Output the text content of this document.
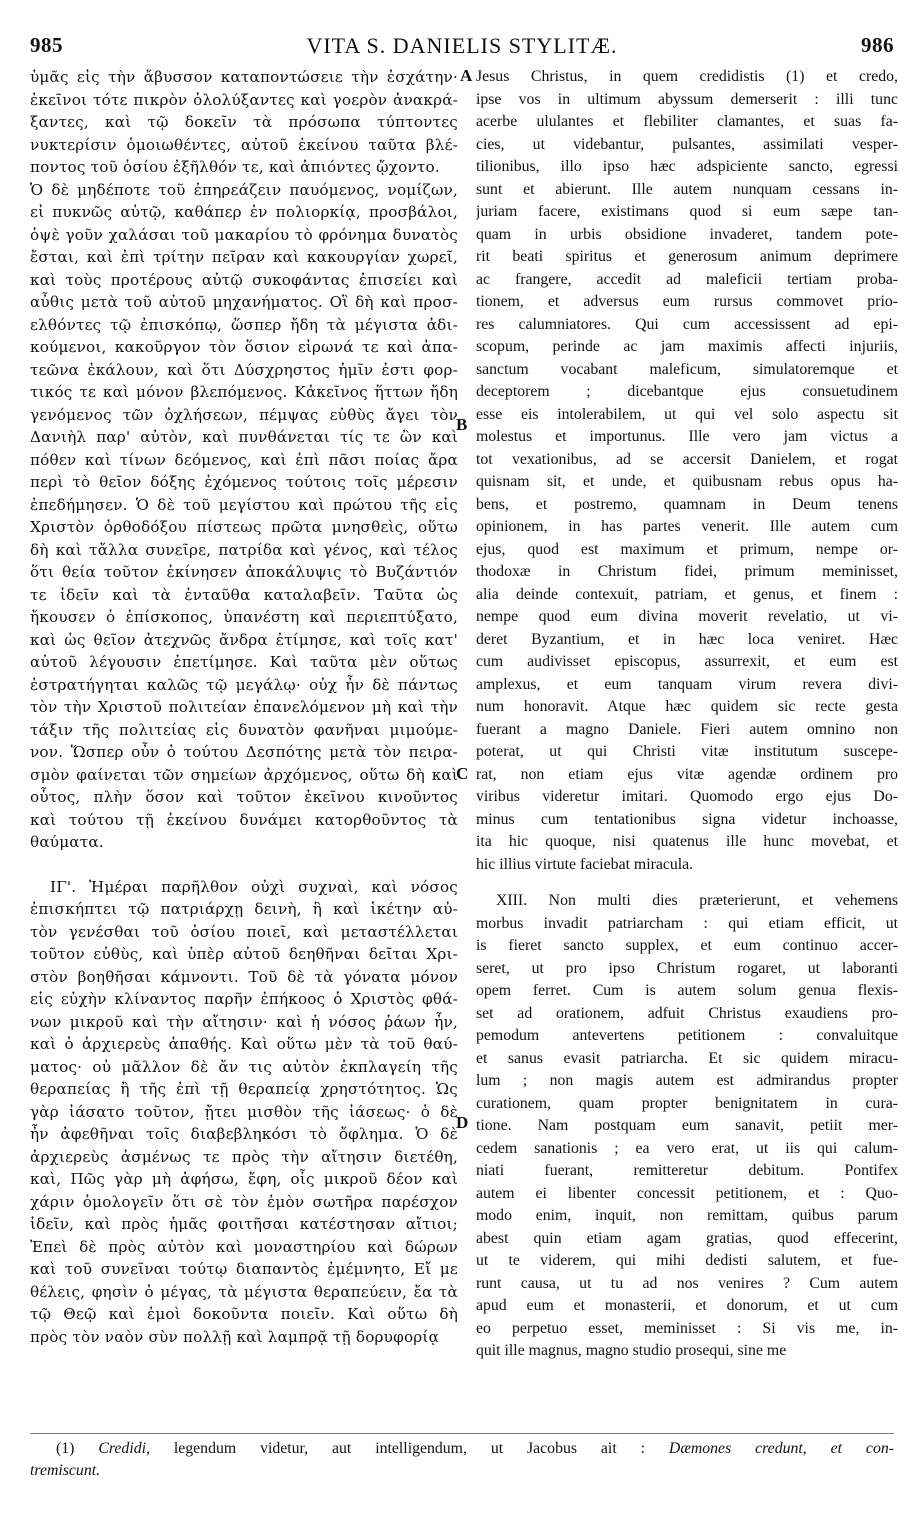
985	VITA S. DANIELIS STYLITÆ.	986
ὑμᾶς εἰς τὴν ἄβυσσον καταποντώσειε τὴν ἐσχάτην·
ἐκεῖνοι τότε πικρὸν ὀλολύξαντες καὶ γοερὸν ἀνακρά-
ξαντες, καὶ τῷ δοκεῖν τὰ πρόσωπα τύπτοντες
νυκτερίσιν ὁμοιωθέντες, αὐτοῦ ἐκείνου ταῦτα βλέ-
ποντος τοῦ ὁσίου ἐξῆλθόν τε, καὶ ἀπιόντες ᾤχοντο.
Ὁ δὲ μηδέποτε τοῦ ἐπηρεάζειν παυόμενος, νομίζων,
εἰ πυκνῶς αὐτῷ, καθάπερ ἐν πολιορκίᾳ, προσβάλοι,
ὀψὲ γοῦν χαλάσαι τοῦ μακαρίου τὸ φρόνημα δυνατὸς
ἔσται, καὶ ἐπὶ τρίτην πεῖραν καὶ κακουργίαν χωρεῖ,
καὶ τοὺς προτέρους αὐτῷ συκοφάντας ἐπισείει καὶ
αὖθις μετὰ τοῦ αὐτοῦ μηχανήματος. Οἳ δὴ καὶ προσ-
ελθόντες τῷ ἐπισκόπῳ, ὥσπερ ἤδη τὰ μέγιστα ἀδι-
κούμενοι, κακοῦργον τὸν ὅσιον εἰρωνά τε καὶ ἀπα-
τεῶνα ἐκάλουν, καὶ ὅτι Δύσχρηστος ἡμῖν ἐστι φορ-
τικός τε καὶ μόνον βλεπόμενος. Κἀκεῖνος ἥττων ἤδη
γενόμενος τῶν ὀχλήσεων, πέμψας εὐθὺς ἄγει τὸν
Δανιὴλ παρ' αὐτὸν, καὶ πυνθάνεται τίς τε ὢν καὶ
πόθεν καὶ τίνων δεόμενος, καὶ ἐπὶ πᾶσι ποίας ἄρα
περὶ τὸ θεῖον δόξης ἐχόμενος τούτοις τοῖς μέρεσιν
ἐπεδήμησεν. Ὁ δὲ τοῦ μεγίστου καὶ πρώτου τῆς εἰς
Χριστὸν ὀρθοδόξου πίστεως πρῶτα μνησθεὶς, οὕτω
δὴ καὶ τἄλλα συνεῖρε, πατρίδα καὶ γένος, καὶ τέλος
ὅτι θεία τοῦτον ἐκίνησεν ἀποκάλυψις τὸ Βυζάντιόν
τε ἰδεῖν καὶ τὰ ἐνταῦθα καταλαβεῖν. Ταῦτα ὡς
ἤκουσεν ὁ ἐπίσκοπος, ὑπανέστη καὶ περιεπτύξατο,
καὶ ὡς θεῖον ἀτεχνῶς ἄνδρα ἐτίμησε, καὶ τοῖς κατ'
αὐτοῦ λέγουσιν ἐπετίμησε. Καὶ ταῦτα μὲν οὕτως
ἐστρατήγηται καλῶς τῷ μεγάλῳ· οὐχ ἦν δὲ πάντως
τὸν τὴν Χριστοῦ πολιτείαν ἐπανελόμενον μὴ καὶ τὴν
τάξιν τῆς πολιτείας εἰς δυνατὸν φανῆναι μιμούμε-
νον. Ὥσπερ οὖν ὁ τούτου Δεσπότης μετὰ τὸν πειρα-
σμὸν φαίνεται τῶν σημείων ἀρχόμενος, οὕτω δὴ καὶ
οὗτος, πλὴν ὅσον καὶ τοῦτον ἐκεῖνου κινοῦντος
καὶ τούτου τῇ ἐκείνου δυνάμει κατορθοῦντος τὰ
θαύματα.
ΙΓ'. Ἡμέραι παρῆλθον οὐχὶ συχναὶ, καὶ νόσος
ἐπισκήπτει τῷ πατριάρχῃ δεινὴ, ἣ καὶ ἱκέτην αὐ-
τὸν γενέσθαι τοῦ ὁσίου ποιεῖ, καὶ μεταστέλλεται
τοῦτον εὐθὺς, καὶ ὑπὲρ αὐτοῦ δεηθῆναι δεῖται Χρι-
στὸν βοηθῆσαι κάμνοντι. Τοῦ δὲ τὰ γόνατα μόνον
εἰς εὐχὴν κλίναντος παρῆν ἐπήκοος ὁ Χριστὸς φθά-
νων μικροῦ καὶ τὴν αἴτησιν· καὶ ἡ νόσος ῥάων ἦν,
καὶ ὁ ἀρχιερεὺς ἀπαθής. Καὶ οὕτω μὲν τὰ τοῦ θαύ-
ματος· οὐ μᾶλλον δὲ ἄν τις αὐτὸν ἐκπλαγείη τῆς
θεραπείας ἢ τῆς ἐπὶ τῇ θεραπείᾳ χρηστότητος. Ὡς
γὰρ ἰάσατο τοῦτον, ᾔτει μισθὸν τῆς ἰάσεως· ὁ δὲ
ἦν ἀφεθῆναι τοῖς διαβεβληκόσι τὸ ὄφλημα. Ὁ δὲ
ἀρχιερεὺς ἀσμένως τε πρὸς τὴν αἴτησιν διετέθη,
καὶ, Πῶς γὰρ μὴ ἀφήσω, ἔφη, οἷς μικροῦ δέον καὶ
χάριν ὁμολογεῖν ὅτι σὲ τὸν ἐμὸν σωτῆρα παρέσχον
ἰδεῖν, καὶ πρὸς ἡμᾶς φοιτῆσαι κατέστησαν αἴτιοι;
Ἐπεὶ δὲ πρὸς αὐτὸν καὶ μοναστηρίου καὶ δώρων
καὶ τοῦ συνεῖναι τούτῳ διαπαντὸς ἐμέμνητο, Εἴ με
θέλεις, φησὶν ὁ μέγας, τὰ μέγιστα θεραπεύειν, ἔα τὰ
τῷ Θεῷ καὶ ἐμοὶ δοκοῦντα ποιεῖν. Καὶ οὕτω δὴ
πρὸς τὸν ναὸν σὺν πολλῇ καὶ λαμπρᾷ τῇ δορυφορίᾳ
Jesus Christus, in quem credidistis (1) et credo,
ipse vos in ultimum abyssum demerserit : illi tunc
acerbe ululantes et flebiliter clamantes, et suas fa-
cies, ut videbantur, pulsantes, assimilati vesper-
tilionibus, illo ipso hæc adspiciente sancto, egressi
sunt et abierunt. Ille autem nunquam cessans in-
juriam facere, existimans quod si eum sæpe tan-
quam in urbis obsidione invaderet, tandem pote-
rit beati spiritus et generosum animum deprimere
ac frangere, accedit ad maleficii tertiam proba-
tionem, et adversus eum rursus commovet prio-
res calumniatores. Qui cum accessissent ad epi-
scopum, perinde ac jam maximis affecti injuriis,
sanctum vocabant maleficum, simulatoremque et
deceptorem ; dicebantque ejus consuetudinem
esse eis intolerabilem, ut qui vel solo aspectu sit
molestus et importunus. Ille vero jam victus a
tot vexationibus, ad se accersit Danielem, et rogat
quisnam sit, et unde, et quibusnam rebus opus ha-
bens, et postremo, quamnam in Deum tenens
opinionem, in has partes venerit. Ille autem cum
ejus, quod est maximum et primum, nempe or-
thodoxæ in Christum fidei, primum meminisset,
alia deinde contexuit, patriam, et genus, et finem :
nempe quod eum divina moverit revelatio, ut vi-
deret Byzantium, et in hæc loca veniret. Hæc
cum audivisset episcopus, assurrexit, et eum est
amplexus, et eum tanquam virum revera divi-
num honoravit. Atque hæc quidem sic recte gesta
fuerant a magno Daniele. Fieri autem omnino non
poterat, ut qui Christi vitæ institutum suscepe-
rat, non etiam ejus vitæ agendæ ordinem pro
viribus videretur imitari. Quomodo ergo ejus Do-
minus cum tentationibus signa videtur inchoasse,
ita hic quoque, nisi quatenus ille hunc movebat, et
hic illius virtute faciebat miracula.
XIII. Non multi dies præterierunt, et vehemens
morbus invadit patriarcham : qui etiam efficit, ut
is fieret sancto supplex, et eum continuo accer-
seret, ut pro ipso Christum rogaret, ut laboranti
opem ferret. Cum is autem solum genua flexis-
set ad orationem, adfuit Christus exaudiens pro-
pemodum antevertens petitionem : convaluitque
et sanus evasit patriarcha. Et sic quidem miracu-
lum ; non magis autem est admirandus propter
curationem, quam propter benignitatem in cura-
tione. Nam postquam eum sanavit, petiit mer-
cedem sanationis ; ea vero erat, ut iis qui calum-
niati fuerant, remitteretur debitum. Pontifex
autem ei libenter concessit petitionem, et : Quo-
modo enim, inquit, non remittam, quibus parum
abest quin etiam agam gratias, quod effecerint,
ut te viderem, qui mihi dedisti salutem, et fue-
runt causa, ut tu ad nos venires ? Cum autem
apud eum et monasterii, et donorum, et ut cum
eo perpetuo esset, meminisset : Si vis me, in-
quit ille magnus, magno studio prosequi, sine me
A
B
C
D
(1) Credidi, legendum videtur, aut intelligendum, ut Jacobus ait : Dæmones credunt, et con-
tremiscunt.
